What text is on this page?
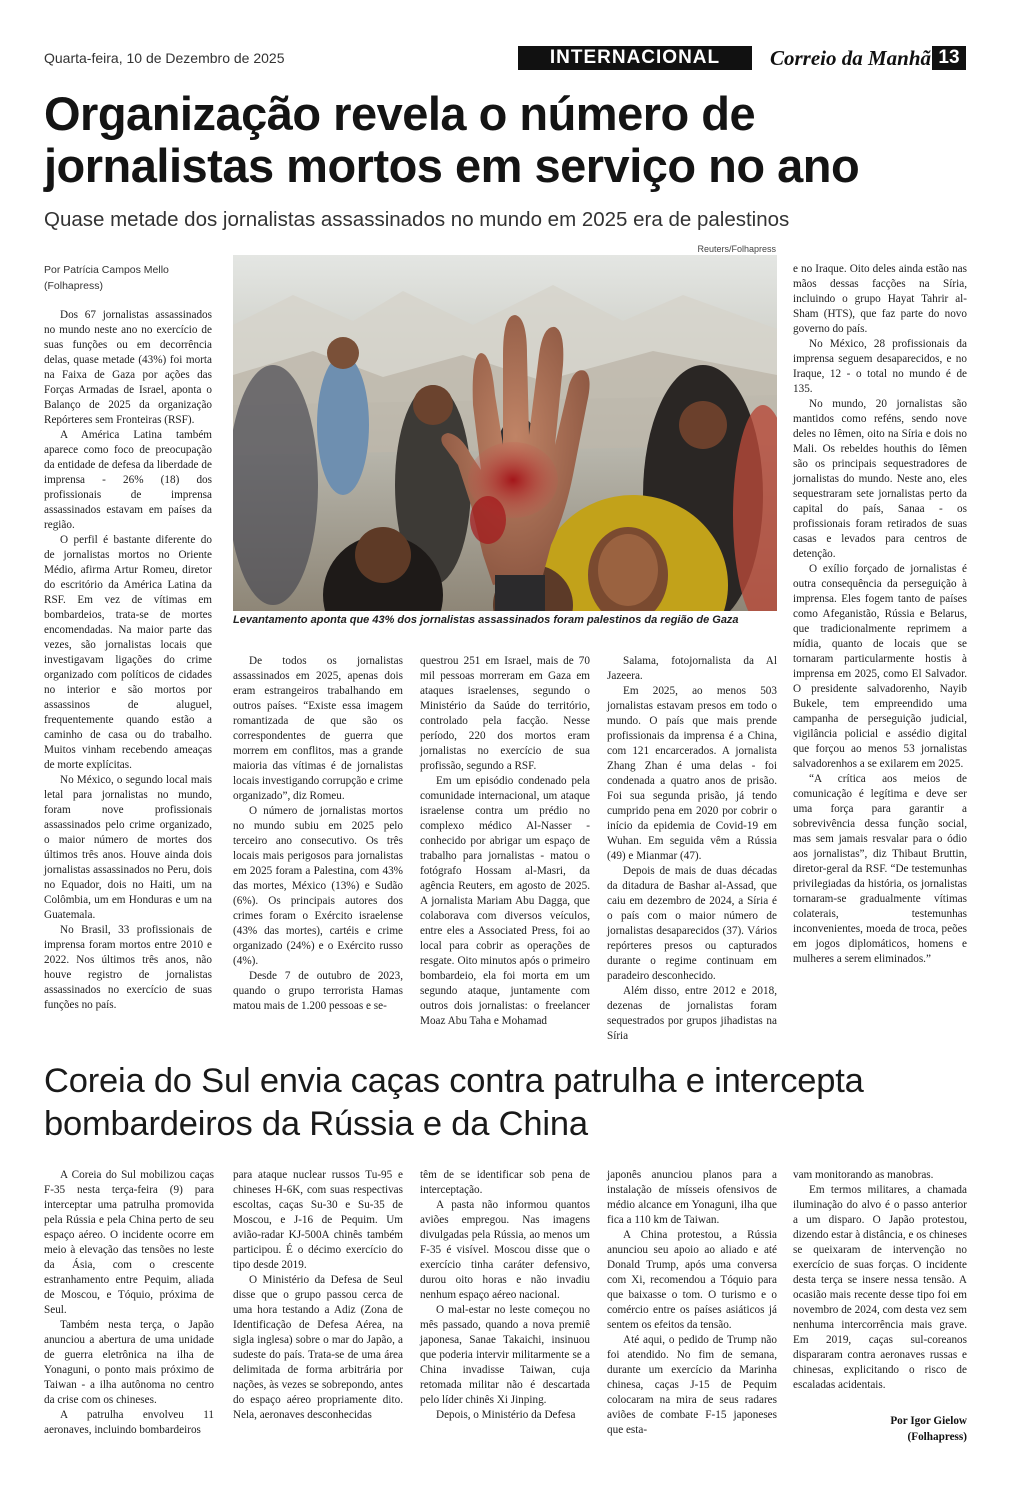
Quarta-feira, 10 de Dezembro de 2025	INTERNACIONAL	Correio da Manhã 13
Organização revela o número de jornalistas mortos em serviço no ano

Quase metade dos jornalistas assassinados no mundo em 2025 era de palestinos

Por Patrícia Campos Mello
(Folhapress)
Reuters/Folhapress
Levantamento aponta que 43% dos jornalistas assassinados foram palestinos da região de Gaza

Dos 67 jornalistas assassinados no mundo neste ano no exercício de suas funções ou em decorrência delas, quase metade (43%) foi morta na Faixa de Gaza por ações das Forças Armadas de Israel, aponta o Balanço de 2025 da organização Repórteres sem Fronteiras (RSF).

A América Latina também aparece como foco de preocupação da entidade de defesa da liberdade de imprensa - 26% (18) dos profissionais de imprensa assassinados estavam em países da região.

O perfil é bastante diferente do de jornalistas mortos no Oriente Médio, afirma Artur Romeu, diretor do escritório da América Latina da RSF. Em vez de vítimas em bombardeios, trata-se de mortes encomendadas. Na maior parte das vezes, são jornalistas locais que investigavam ligações do crime organizado com políticos de cidades no interior e são mortos por assassinos de aluguel, frequentemente quando estão a caminho de casa ou do trabalho. Muitos vinham recebendo ameaças de morte explícitas.

No México, o segundo local mais letal para jornalistas no mundo, foram nove profissionais assassinados pelo crime organizado, o maior número de mortes dos últimos três anos. Houve ainda dois jornalistas assassinados no Peru, dois no Equador, dois no Haiti, um na Colômbia, um em Honduras e um na Guatemala.

No Brasil, 33 profissionais de imprensa foram mortos entre 2010 e 2022. Nos últimos três anos, não houve registro de jornalistas assassinados no exercício de suas funções no país.

De todos os jornalistas assassinados em 2025, apenas dois eram estrangeiros trabalhando em outros países. “Existe essa imagem romantizada de que são os correspondentes de guerra que morrem em conflitos, mas a grande maioria das vítimas é de jornalistas locais investigando corrupção e crime organizado”, diz Romeu.

O número de jornalistas mortos no mundo subiu em 2025 pelo terceiro ano consecutivo. Os três locais mais perigosos para jornalistas em 2025 foram a Palestina, com 43% das mortes, México (13%) e Sudão (6%). Os principais autores dos crimes foram o Exército israelense (43% das mortes), cartéis e crime organizado (24%) e o Exército russo (4%).

Desde 7 de outubro de 2023, quando o grupo terrorista Hamas matou mais de 1.200 pessoas e se-

questrou 251 em Israel, mais de 70 mil pessoas morreram em Gaza em ataques israelenses, segundo o Ministério da Saúde do território, controlado pela facção. Nesse período, 220 dos mortos eram jornalistas no exercício de sua profissão, segundo a RSF.

Em um episódio condenado pela comunidade internacional, um ataque israelense contra um prédio no complexo médico Al-Nasser - conhecido por abrigar um espaço de trabalho para jornalistas - matou o fotógrafo Hossam al-Masri, da agência Reuters, em agosto de 2025. A jornalista Mariam Abu Dagga, que colaborava com diversos veículos, entre eles a Associated Press, foi ao local para cobrir as operações de resgate. Oito minutos após o primeiro bombardeio, ela foi morta em um segundo ataque, juntamente com outros dois jornalistas: o freelancer Moaz Abu Taha e Mohamad

Salama, fotojornalista da Al Jazeera.

Em 2025, ao menos 503 jornalistas estavam presos em todo o mundo. O país que mais prende profissionais da imprensa é a China, com 121 encarcerados. A jornalista Zhang Zhan é uma delas - foi condenada a quatro anos de prisão. Foi sua segunda prisão, já tendo cumprido pena em 2020 por cobrir o início da epidemia de Covid-19 em Wuhan. Em seguida vêm a Rússia (49) e Mianmar (47).

Depois de mais de duas décadas da ditadura de Bashar al-Assad, que caiu em dezembro de 2024, a Síria é o país com o maior número de jornalistas desaparecidos (37). Vários repórteres presos ou capturados durante o regime continuam em paradeiro desconhecido.

Além disso, entre 2012 e 2018, dezenas de jornalistas foram sequestrados por grupos jihadistas na Síria

e no Iraque. Oito deles ainda estão nas mãos dessas facções na Síria, incluindo o grupo Hayat Tahrir al-Sham (HTS), que faz parte do novo governo do país.

No México, 28 profissionais da imprensa seguem desaparecidos, e no Iraque, 12 - o total no mundo é de 135.

No mundo, 20 jornalistas são mantidos como reféns, sendo nove deles no Iêmen, oito na Síria e dois no Mali. Os rebeldes houthis do Iêmen são os principais sequestradores de jornalistas do mundo. Neste ano, eles sequestraram sete jornalistas perto da capital do país, Sanaa - os profissionais foram retirados de suas casas e levados para centros de detenção.

O exílio forçado de jornalistas é outra consequência da perseguição à imprensa. Eles fogem tanto de países como Afeganistão, Rússia e Belarus, que tradicionalmente reprimem a mídia, quanto de locais que se tornaram particularmente hostis à imprensa em 2025, como El Salvador. O presidente salvadorenho, Nayib Bukele, tem empreendido uma campanha de perseguição judicial, vigilância policial e assédio digital que forçou ao menos 53 jornalistas salvadorenhos a se exilarem em 2025.

“A crítica aos meios de comunicação é legítima e deve ser uma força para garantir a sobrevivência dessa função social, mas sem jamais resvalar para o ódio aos jornalistas”, diz Thibaut Bruttin, diretor-geral da RSF. “De testemunhas privilegiadas da história, os jornalistas tornaram-se gradualmente vítimas colaterais, testemunhas inconvenientes, moeda de troca, peões em jogos diplomáticos, homens e mulheres a serem eliminados.”

Coreia do Sul envia caças contra patrulha e intercepta bombardeiros da Rússia e da China

A Coreia do Sul mobilizou caças F-35 nesta terça-feira (9) para interceptar uma patrulha promovida pela Rússia e pela China perto de seu espaço aéreo. O incidente ocorre em meio à elevação das tensões no leste da Ásia, com o crescente estranhamento entre Pequim, aliada de Moscou, e Tóquio, próxima de Seul.

Também nesta terça, o Japão anunciou a abertura de uma unidade de guerra eletrônica na ilha de Yonaguni, o ponto mais próximo de Taiwan - a ilha autônoma no centro da crise com os chineses.

A patrulha envolveu 11 aeronaves, incluindo bombardeiros

para ataque nuclear russos Tu-95 e chineses H-6K, com suas respectivas escoltas, caças Su-30 e Su-35 de Moscou, e J-16 de Pequim. Um avião-radar KJ-500A chinês também participou. É o décimo exercício do tipo desde 2019.

O Ministério da Defesa de Seul disse que o grupo passou cerca de uma hora testando a Adiz (Zona de Identificação de Defesa Aérea, na sigla inglesa) sobre o mar do Japão, a sudeste do país. Trata-se de uma área delimitada de forma arbitrária por nações, às vezes se sobrepondo, antes do espaço aéreo propriamente dito. Nela, aeronaves desconhecidas

têm de se identificar sob pena de interceptação.

A pasta não informou quantos aviões empregou. Nas imagens divulgadas pela Rússia, ao menos um F-35 é visível. Moscou disse que o exercício tinha caráter defensivo, durou oito horas e não invadiu nenhum espaço aéreo nacional.

O mal-estar no leste começou no mês passado, quando a nova premiê japonesa, Sanae Takaichi, insinuou que poderia intervir militarmente se a China invadisse Taiwan, cuja retomada militar não é descartada pelo líder chinês Xi Jinping.

Depois, o Ministério da Defesa

japonês anunciou planos para a instalação de mísseis ofensivos de médio alcance em Yonaguni, ilha que fica a 110 km de Taiwan.

A China protestou, a Rússia anunciou seu apoio ao aliado e até Donald Trump, após uma conversa com Xi, recomendou a Tóquio para que baixasse o tom. O turismo e o comércio entre os países asiáticos já sentem os efeitos da tensão.

Até aqui, o pedido de Trump não foi atendido. No fim de semana, durante um exercício da Marinha chinesa, caças J-15 de Pequim colocaram na mira de seus radares aviões de combate F-15 japoneses que esta-

vam monitorando as manobras.

Em termos militares, a chamada iluminação do alvo é o passo anterior a um disparo. O Japão protestou, dizendo estar à distância, e os chineses se queixaram de intervenção no exercício de suas forças. O incidente desta terça se insere nessa tensão. A ocasião mais recente desse tipo foi em novembro de 2024, com desta vez sem nenhuma intercorrência mais grave. Em 2019, caças sul-coreanos dispararam contra aeronaves russas e chinesas, explicitando o risco de escaladas acidentais.

Por Igor Gielow
(Folhapress)
